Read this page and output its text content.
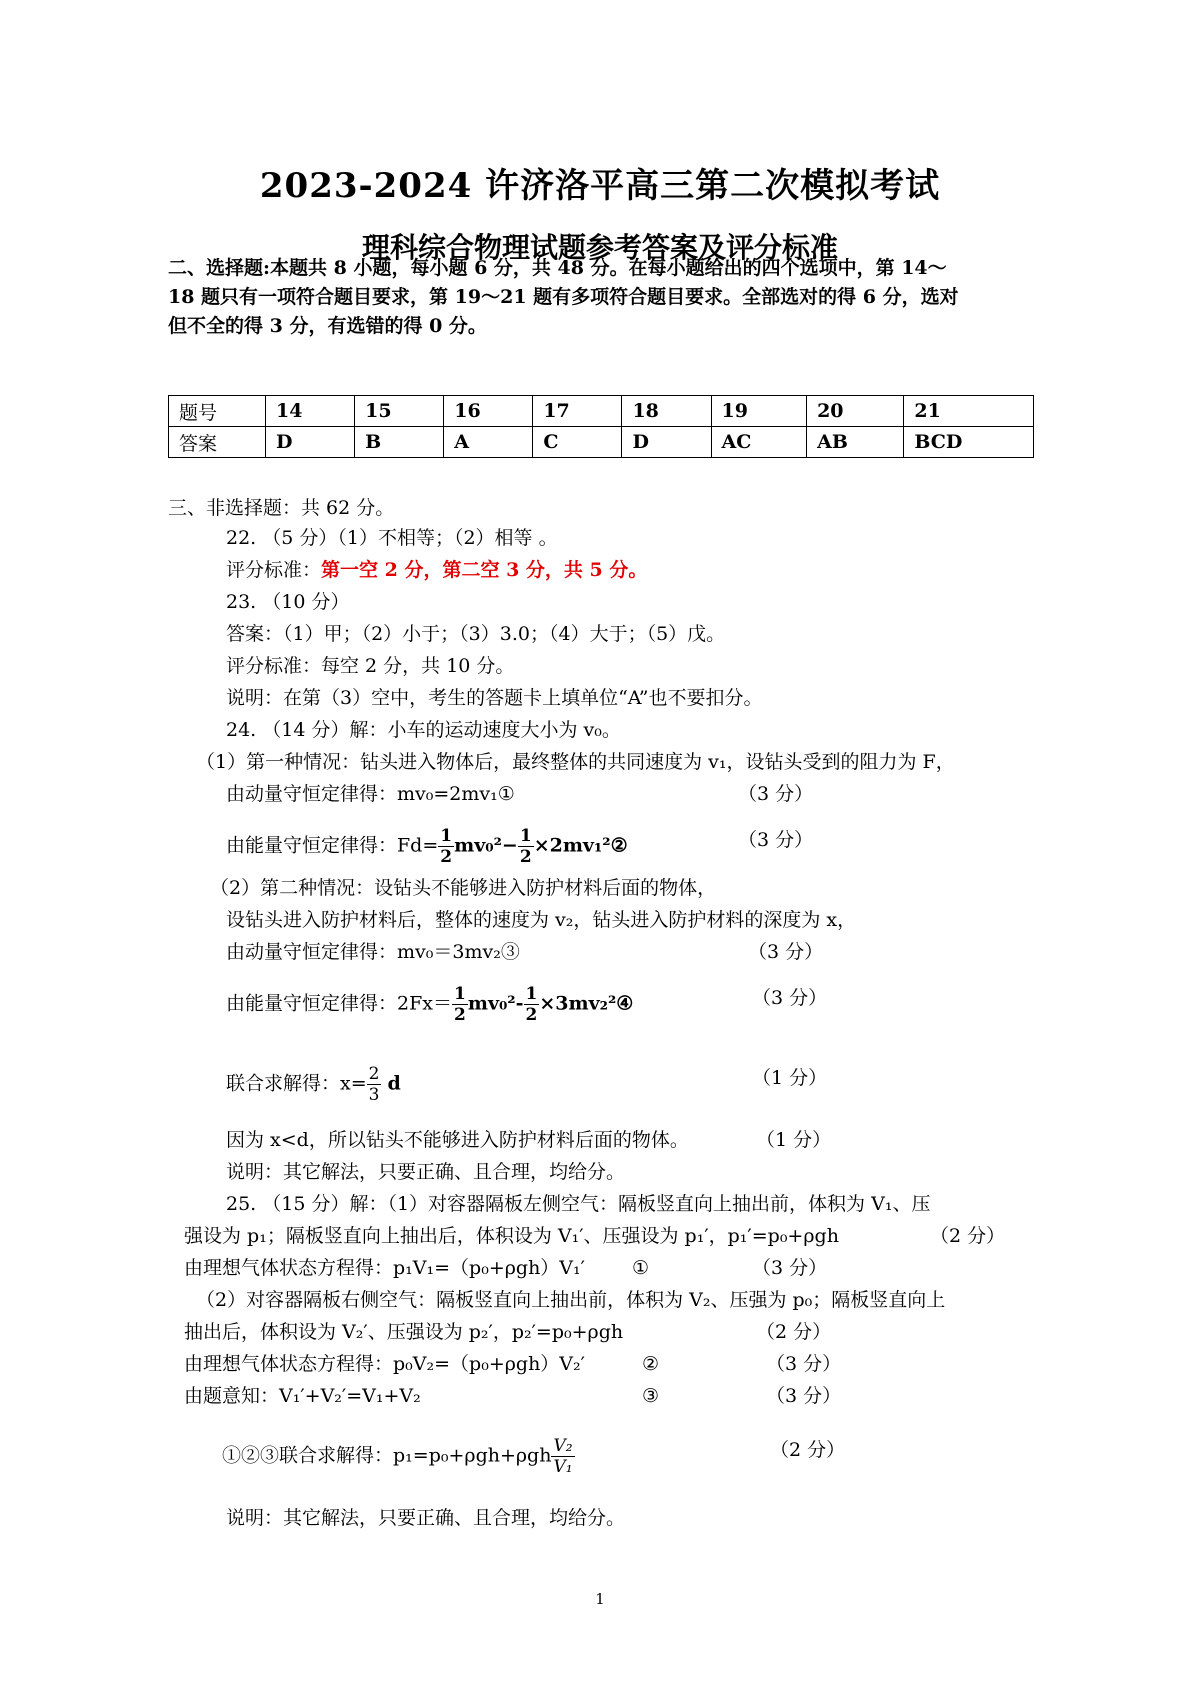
2023-2024 许济洛平高三第二次模拟考试
理科综合物理试题参考答案及评分标准
二、选择题:本题共 8 小题，每小题 6 分，共 48 分。在每小题给出的四个选项中，第 14～
18 题只有一项符合题目要求，第 19～21 题有多项符合题目要求。全部选对的得 6 分，选对
但不全的得 3 分，有选错的得 0 分。
题号	14	15	16	17	18	19	20	21
答案	D	B	A	C	D	AC	AB	BCD
三、非选择题：共 62 分。
22. （5 分）（1）不相等；（2）相等 。
评分标准：第一空 2 分，第二空 3 分，共 5 分。
23. （10 分）
答案：（1）甲；（2）小于；（3）3.0；（4）大于；（5）戊。
评分标准：每空 2 分，共 10 分。
说明：在第（3）空中，考生的答题卡上填单位“A”也不要扣分。
24. （14 分）解：小车的运动速度大小为 v₀。
（1）第一种情况：钻头进入物体后，最终整体的共同速度为 v₁，设钻头受到的阻力为 F，
由动量守恒定律得：mv₀=2mv₁①	（3 分）
由能量守恒定律得：$Fd= \frac{1}{2} mv_0^2- \frac{1}{2}$ ×2mv₁²②	（3 分）
（2）第二种情况：设钻头不能够进入防护材料后面的物体，
设钻头进入防护材料后，整体的速度为 v₂，钻头进入防护材料的深度为 x，
由动量守恒定律得：mv₀＝3mv₂③	（3 分）
由能量守恒定律得：$2Fx= \frac{1}{2} mv_0^2- \frac{1}{2}$ ×3mv₂²④	（3 分）
联合求解得：$x= \frac{2}{3}$ d	（1 分）
因为 x<d，所以钻头不能够进入防护材料后面的物体。	（1 分）
说明：其它解法，只要正确、且合理，均给分。
25. （15 分）解：（1）对容器隔板左侧空气：隔板竖直向上抽出前，体积为 V₁、压
强设为 p₁；隔板竖直向上抽出后，体积设为 V₁′、压强设为 p₁′，p₁′=p₀+ρgh	（2 分）
由理想气体状态方程得：p₁V₁=（p₀+ρgh）V₁′ ①	（3 分）
（2）对容器隔板右侧空气：隔板竖直向上抽出前，体积为 V₂、压强为 p₀；隔板竖直向上
抽出后，体积设为 V₂′、压强设为 p₂′，p₂′=p₀+ρgh	（2 分）
由理想气体状态方程得：p₀V₂=（p₀+ρgh）V₂′	②	（3 分）
由题意知：V₁′+V₂′=V₁+V₂	③	（3 分）
①②③联合求解得：$p_1=p_0+\rho gh+\rho gh \frac{\text{V₂}}{\text{V₁}}$	（2 分）
说明：其它解法，只要正确、且合理，均给分。
1
